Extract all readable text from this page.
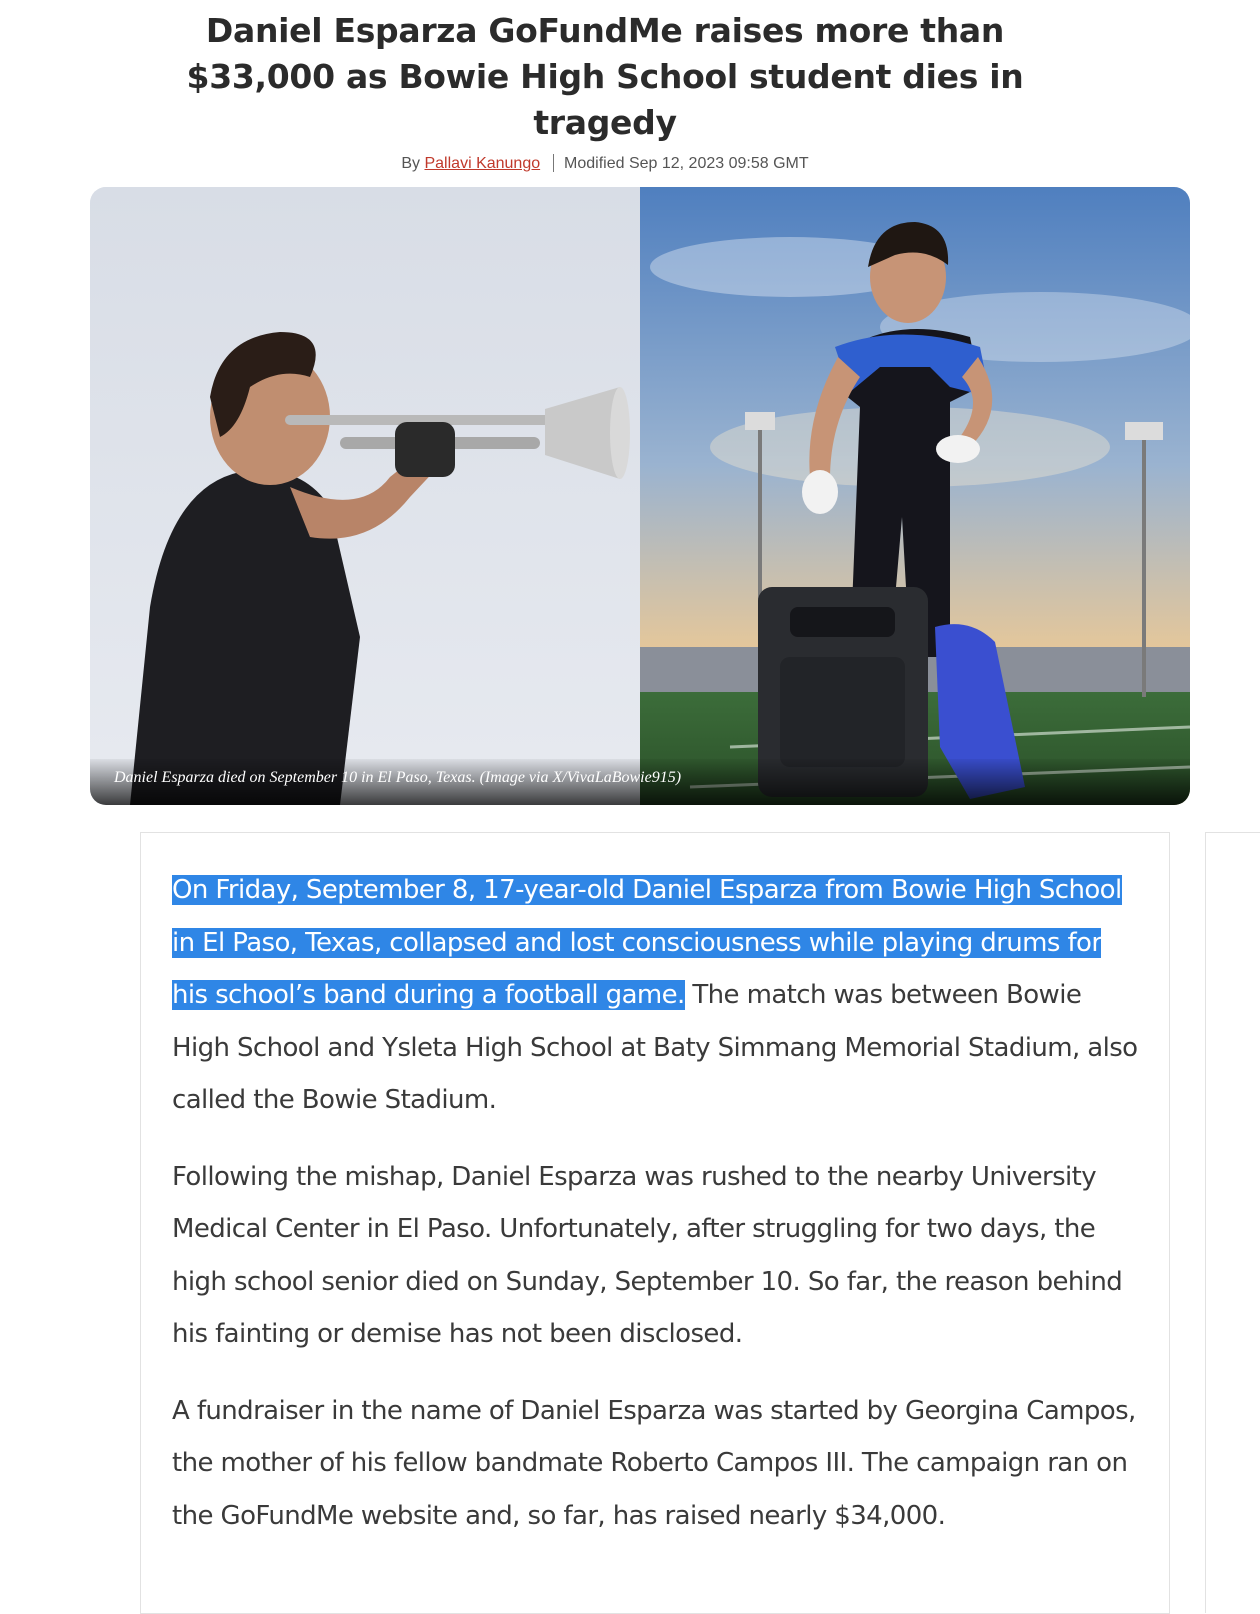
Daniel Esparza GoFundMe raises more than $33,000 as Bowie High School student dies in tragedy
By Pallavi Kanungo Modified Sep 12, 2023 09:58 GMT
Daniel Esparza died on September 10 in El Paso, Texas. (Image via X/VivaLaBowie915)

On Friday, September 8, 17-year-old Daniel Esparza from Bowie High School in El Paso, Texas, collapsed and lost consciousness while playing drums for his school’s band during a football game. The match was between Bowie High School and Ysleta High School at Baty Simmang Memorial Stadium, also called the Bowie Stadium.

Following the mishap, Daniel Esparza was rushed to the nearby University Medical Center in El Paso. Unfortunately, after struggling for two days, the high school senior died on Sunday, September 10. So far, the reason behind his fainting or demise has not been disclosed.

A fundraiser in the name of Daniel Esparza was started by Georgina Campos, the mother of his fellow bandmate Roberto Campos III. The campaign ran on the GoFundMe website and, so far, has raised nearly $34,000.
